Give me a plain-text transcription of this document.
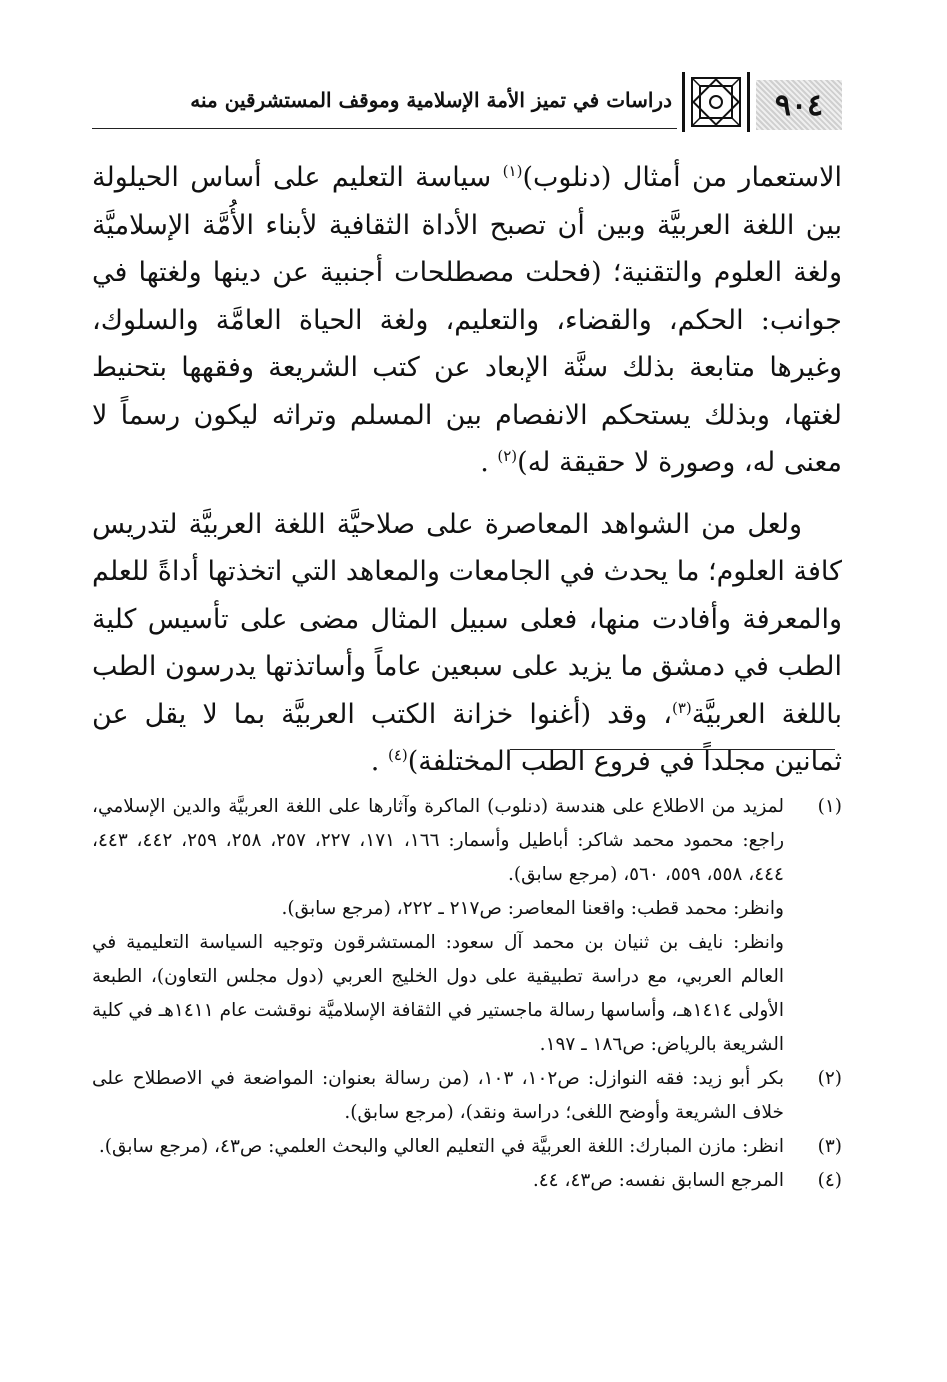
٩٠٤
دراسات في تميز الأمة الإسلامية وموقف المستشرقين منه

الاستعمار من أمثال (دنلوب)$^{(١)}$ سياسة التعليم على أساس الحيلولة بين اللغة العربيَّة وبين أن تصبح الأداة الثقافية لأبناء الأُمَّة الإسلاميَّة ولغة العلوم والتقنية؛ (فحلت مصطلحات أجنبية عن دينها ولغتها في جوانب: الحكم، والقضاء، والتعليم، ولغة الحياة العامَّة والسلوك، وغيرها متابعة بذلك سنَّة الإبعاد عن كتب الشريعة وفقهها بتحنيط لغتها، وبذلك يستحكم الانفصام بين المسلم وتراثه ليكون رسماً لا معنى له، وصورة لا حقيقة له)$^{(٢)}$ .

ولعل من الشواهد المعاصرة على صلاحيَّة اللغة العربيَّة لتدريس كافة العلوم؛ ما يحدث في الجامعات والمعاهد التي اتخذتها أداةً للعلم والمعرفة وأفادت منها، فعلى سبيل المثال مضى على تأسيس كلية الطب في دمشق ما يزيد على سبعين عاماً وأساتذتها يدرسون الطب باللغة العربيَّة$^{(٣)}$، وقد (أغنوا خزانة الكتب العربيَّة بما لا يقل عن ثمانين مجلداً في فروع الطب المختلفة)$^{(٤)}$ .

(١)
لمزيد من الاطلاع على هندسة (دنلوب) الماكرة وآثارها على اللغة العربيَّة والدين الإسلامي، راجع: محمود محمد شاكر: أباطيل وأسمار: ١٦٦، ١٧١، ٢٢٧، ٢٥٧، ٢٥٨، ٢٥٩، ٤٤٢، ٤٤٣، ٤٤٤، ٥٥٨، ٥٥٩، ٥٦٠، (مرجع سابق).
وانظر: محمد قطب: واقعنا المعاصر: ص٢١٧ ـ ٢٢٢، (مرجع سابق).
وانظر: نايف بن ثنيان بن محمد آل سعود: المستشرقون وتوجيه السياسة التعليمية في العالم العربي، مع دراسة تطبيقية على دول الخليج العربي (دول مجلس التعاون)، الطبعة الأولى ١٤١٤هـ، وأساسها رسالة ماجستير في الثقافة الإسلاميَّة نوقشت عام ١٤١١هـ في كلية الشريعة بالرياض: ص١٨٦ ـ ١٩٧.
(٢)
بكر أبو زيد: فقه النوازل: ص١٠٢، ١٠٣، (من رسالة بعنوان: المواضعة في الاصطلاح على خلاف الشريعة وأوضح اللغى؛ دراسة ونقد)، (مرجع سابق).
(٣)
انظر: مازن المبارك: اللغة العربيَّة في التعليم العالي والبحث العلمي: ص٤٣، (مرجع سابق).
(٤)
المرجع السابق نفسه: ص٤٣، ٤٤.
